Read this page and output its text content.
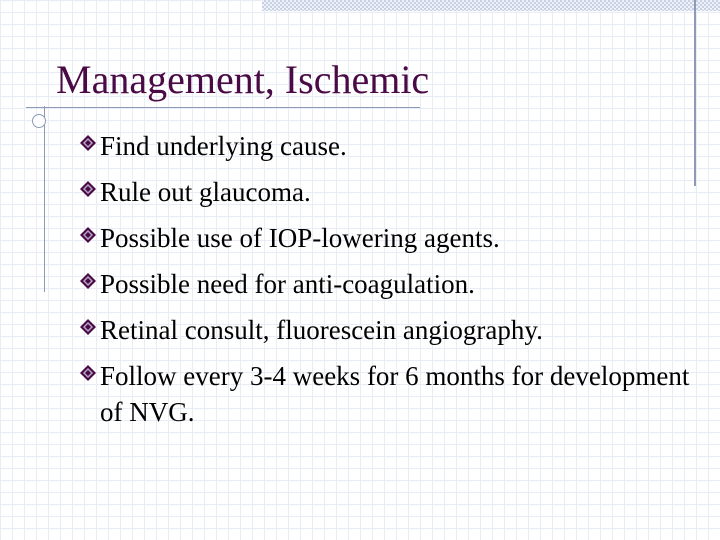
Management, Ischemic
Find underlying cause.
Rule out glaucoma.
Possible use of IOP-lowering agents.
Possible need for anti-coagulation.
Retinal consult, fluorescein angiography.
Follow every 3-4 weeks for 6 months for development of NVG.
